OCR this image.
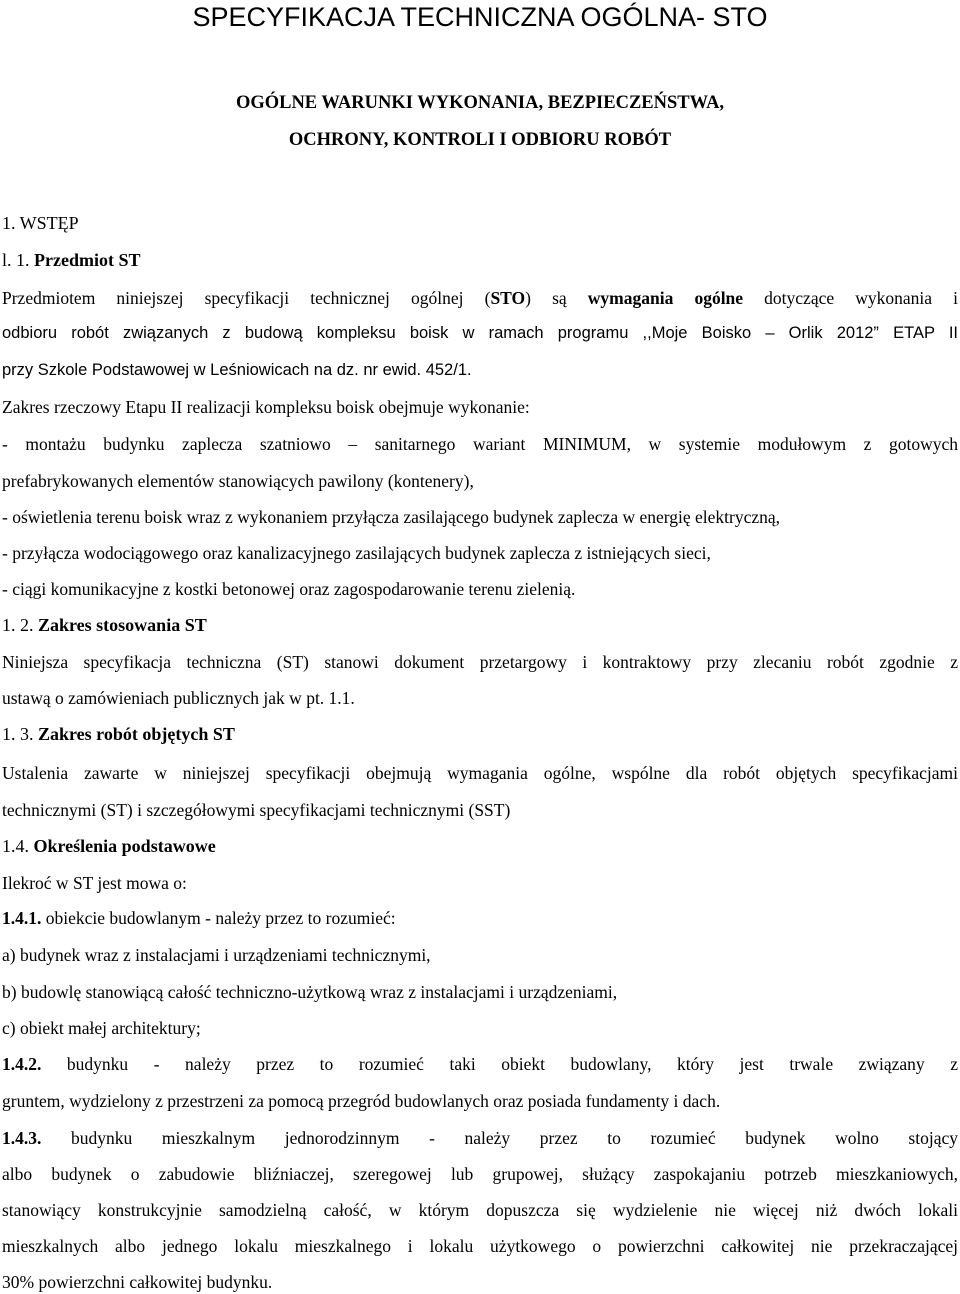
SPECYFIKACJA TECHNICZNA OGÓLNA- STO
OGÓLNE WARUNKI WYKONANIA, BEZPIECZEŃSTWA,
OCHRONY, KONTROLI I ODBIORU ROBÓT
1. WSTĘP
l. 1. Przedmiot ST
Przedmiotem niniejszej specyfikacji technicznej ogólnej (STO) są wymagania ogólne dotyczące wykonania i
odbioru robót związanych z budową kompleksu boisk w ramach programu ,,Moje Boisko – Orlik 2012” ETAP II
przy Szkole Podstawowej w Leśniowicach na dz. nr ewid. 452/1.
Zakres rzeczowy Etapu II realizacji kompleksu boisk obejmuje wykonanie:
- montażu budynku zaplecza szatniowo – sanitarnego wariant MINIMUM, w systemie modułowym z gotowych
prefabrykowanych elementów stanowiących pawilony (kontenery),
- oświetlenia terenu boisk wraz z wykonaniem przyłącza zasilającego budynek zaplecza w energię elektryczną,
- przyłącza wodociągowego oraz kanalizacyjnego zasilających budynek zaplecza z istniejących sieci,
- ciągi komunikacyjne z kostki betonowej oraz zagospodarowanie terenu zielenią.
1. 2. Zakres stosowania ST
Niniejsza specyfikacja techniczna (ST) stanowi dokument przetargowy i kontraktowy przy zlecaniu robót zgodnie z
ustawą o zamówieniach publicznych jak w pt. 1.1.
1. 3. Zakres robót objętych ST
Ustalenia zawarte w niniejszej specyfikacji obejmują wymagania ogólne, wspólne dla robót objętych specyfikacjami
technicznymi (ST) i szczegółowymi specyfikacjami technicznymi (SST)
1.4. Określenia podstawowe
Ilekroć w ST jest mowa o:
1.4.1. obiekcie budowlanym - należy przez to rozumieć:
a) budynek wraz z instalacjami i urządzeniami technicznymi,
b) budowlę stanowiącą całość techniczno-użytkową wraz z instalacjami i urządzeniami,
c) obiekt małej architektury;
1.4.2. budynku - należy przez to rozumieć taki obiekt budowlany, który jest trwale związany z
gruntem, wydzielony z przestrzeni za pomocą przegród budowlanych oraz posiada fundamenty i dach.
1.4.3. budynku mieszkalnym jednorodzinnym - należy przez to rozumieć budynek wolno stojący
albo budynek o zabudowie bliźniaczej, szeregowej lub grupowej, służący zaspokajaniu potrzeb mieszkaniowych,
stanowiący konstrukcyjnie samodzielną całość, w którym dopuszcza się wydzielenie nie więcej niż dwóch lokali
mieszkalnych albo jednego lokalu mieszkalnego i lokalu użytkowego o powierzchni całkowitej nie przekraczającej
30% powierzchni całkowitej budynku.
